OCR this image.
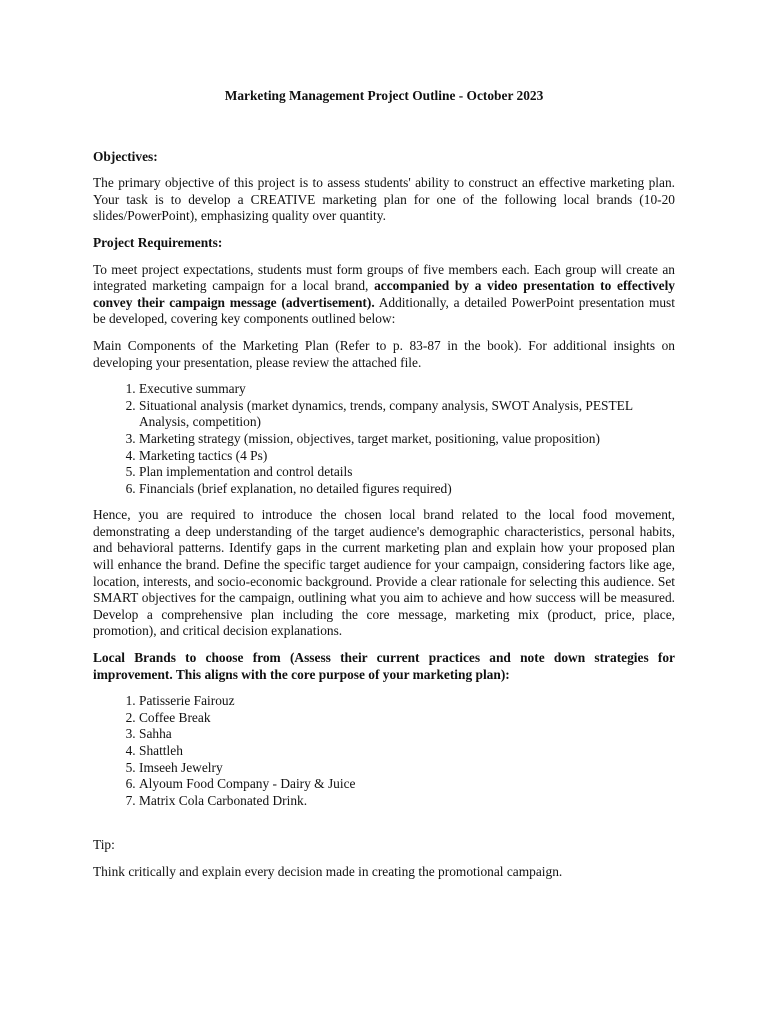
Marketing Management Project Outline - October 2023
Objectives:

The primary objective of this project is to assess students' ability to construct an effective marketing plan. Your task is to develop a CREATIVE marketing plan for one of the following local brands (10-20 slides/PowerPoint), emphasizing quality over quantity.

Project Requirements:

To meet project expectations, students must form groups of five members each. Each group will create an integrated marketing campaign for a local brand, accompanied by a video presentation to effectively convey their campaign message (advertisement). Additionally, a detailed PowerPoint presentation must be developed, covering key components outlined below:

Main Components of the Marketing Plan (Refer to p. 83-87 in the book). For additional insights on developing your presentation, please review the attached file.

1. Executive summary
2. Situational analysis (market dynamics, trends, company analysis, SWOT Analysis, PESTEL Analysis, competition)
3. Marketing strategy (mission, objectives, target market, positioning, value proposition)
4. Marketing tactics (4 Ps)
5. Plan implementation and control details
6. Financials (brief explanation, no detailed figures required)

Hence, you are required to introduce the chosen local brand related to the local food movement, demonstrating a deep understanding of the target audience's demographic characteristics, personal habits, and behavioral patterns. Identify gaps in the current marketing plan and explain how your proposed plan will enhance the brand. Define the specific target audience for your campaign, considering factors like age, location, interests, and socio-economic background. Provide a clear rationale for selecting this audience. Set SMART objectives for the campaign, outlining what you aim to achieve and how success will be measured. Develop a comprehensive plan including the core message, marketing mix (product, price, place, promotion), and critical decision explanations.

Local Brands to choose from (Assess their current practices and note down strategies for improvement. This aligns with the core purpose of your marketing plan):

1. Patisserie Fairouz
2. Coffee Break
3. Sahha
4. Shattleh
5. Imseeh Jewelry
6. Alyoum Food Company - Dairy & Juice
7. Matrix Cola Carbonated Drink.

Tip:

Think critically and explain every decision made in creating the promotional campaign.
